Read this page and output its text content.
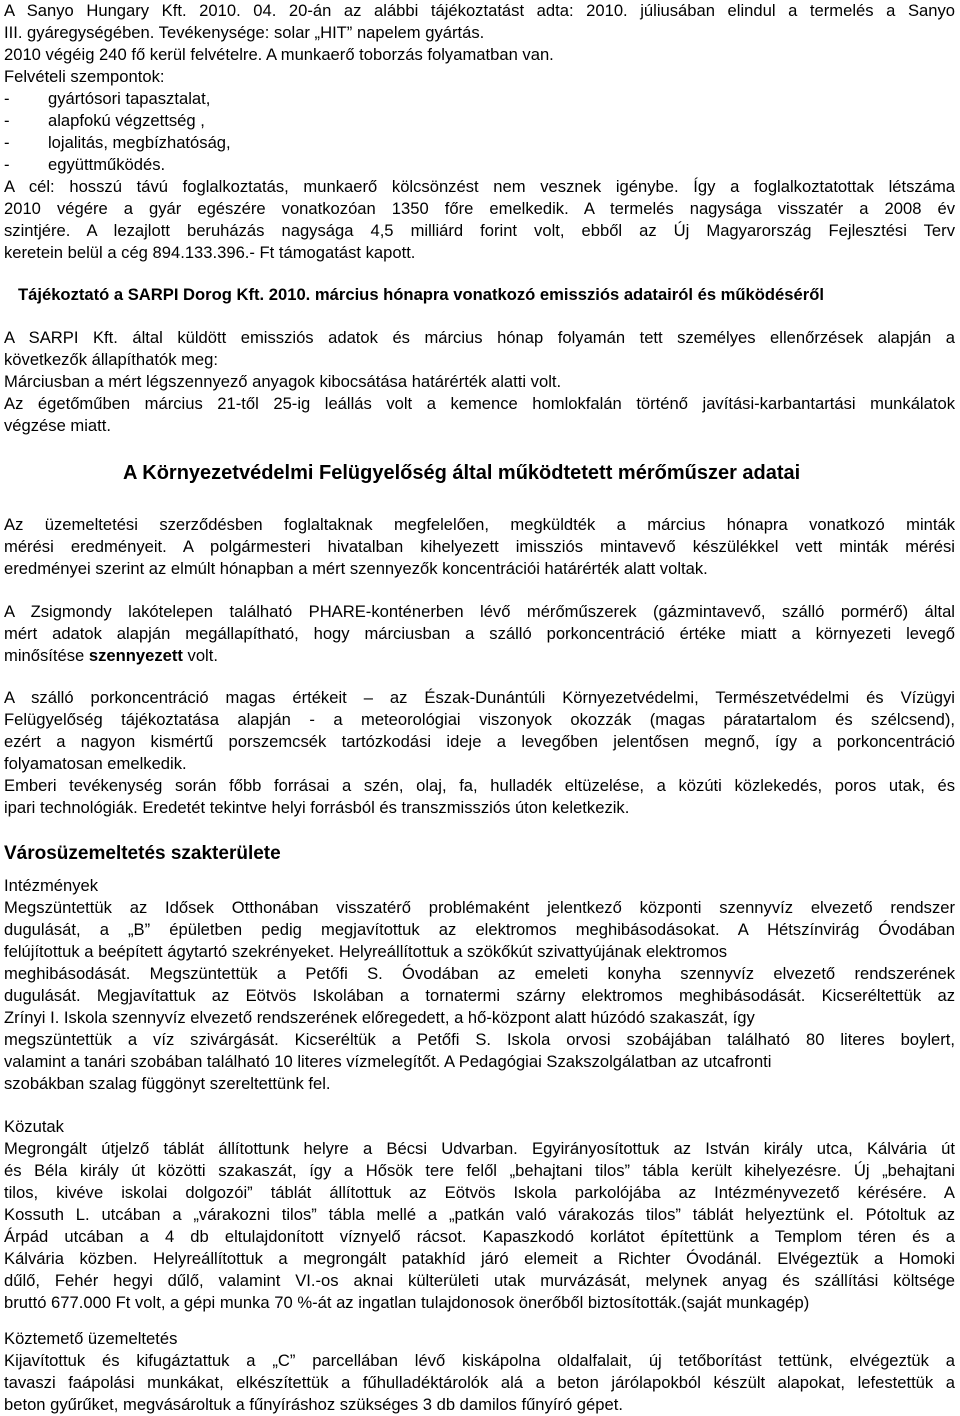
A Sanyo Hungary Kft. 2010. 04. 20-án az alábbi tájékoztatást adta: 2010. júliusában elindul a termelés a Sanyo
III. gyáregységében. Tevékenysége: solar „HIT” napelem gyártás.
2010 végéig 240 fő kerül felvételre. A munkaerő toborzás folyamatban van.
Felvételi szempontok:
- gyártósori tapasztalat,
- alapfokú végzettség ,
- lojalitás, megbízhatóság,
- együttműködés.
A cél: hosszú távú foglalkoztatás, munkaerő kölcsönzést nem vesznek igénybe. Így a foglalkoztatottak létszáma
2010 végére a gyár egészére vonatkozóan 1350 főre emelkedik. A termelés nagysága visszatér a 2008 év
szintjére. A lezajlott beruházás nagysága 4,5 milliárd forint volt, ebből az Új Magyarország Fejlesztési Terv
keretein belül a cég 894.133.396.- Ft támogatást kapott.
Tájékoztató a SARPI Dorog Kft. 2010. március hónapra vonatkozó emissziós adatairól és működéséről
A SARPI Kft. által küldött emissziós adatok és március hónap folyamán tett személyes ellenőrzések alapján a
következők állapíthatók meg:
Márciusban a mért légszennyező anyagok kibocsátása határérték alatti volt.
Az égetőműben március 21-től 25-ig leállás volt a kemence homlokfalán történő javítási-karbantartási munkálatok
végzése miatt.
A Környezetvédelmi Felügyelőség által működtetett mérőműszer adatai
Az üzemeltetési szerződésben foglaltaknak megfelelően, megküldték a március hónapra vonatkozó minták
mérési eredményeit. A polgármesteri hivatalban kihelyezett imissziós mintavevő készülékkel vett minták mérési
eredményei szerint az elmúlt hónapban a mért szennyezők koncentrációi határérték alatt voltak.
A Zsigmondy lakótelepen található PHARE-konténerben lévő mérőműszerek (gázmintavevő, szálló pormérő) által
mért adatok alapján megállapítható, hogy márciusban a szálló porkoncentráció értéke miatt a környezeti levegő
minősítése szennyezett volt.
A szálló porkoncentráció magas értékeit – az Észak-Dunántúli Környezetvédelmi, Természetvédelmi és Vízügyi
Felügyelőség tájékoztatása alapján - a meteorológiai viszonyok okozzák (magas páratartalom és szélcsend),
ezért a nagyon kismértű porszemcsék tartózkodási ideje a levegőben jelentősen megnő, így a porkoncentráció
folyamatosan emelkedik.
Emberi tevékenység során főbb forrásai a szén, olaj, fa, hulladék eltüzelése, a közúti közlekedés, poros utak, és
ipari technológiák. Eredetét tekintve helyi forrásból és transzmissziós úton keletkezik.
Városüzemeltetés szakterülete
Intézmények
Megszüntettük az Idősek Otthonában visszatérő problémaként jelentkező központi szennyvíz elvezető rendszer
dugulását, a „B” épületben pedig megjavítottuk az elektromos meghibásodásokat. A Hétszínvirág Óvodában
felújítottuk a beépített ágytartó szekrényeket. Helyreállítottuk a szökőkút szivattyújának elektromos
meghibásodását. Megszüntettük a Petőfi S. Óvodában az emeleti konyha szennyvíz elvezető rendszerének
dugulását. Megjavítattuk az Eötvös Iskolában a tornatermi szárny elektromos meghibásodását. Kicseréltettük az
Zrínyi I. Iskola szennyvíz elvezető rendszerének előregedett, a hő-központ alatt húzódó szakaszát, így
megszüntettük a víz szivárgását. Kicseréltük a Petőfi S. Iskola orvosi szobájában található 80 literes boylert,
valamint a tanári szobában található 10 literes vízmelegítőt. A Pedagógiai Szakszolgálatban az utcafronti
szobákban szalag függönyt szereltettünk fel.
Közutak
Megrongált útjelző táblát állítottunk helyre a Bécsi Udvarban. Egyirányosítottuk az István király utca, Kálvária út
és Béla király út közötti szakaszát, így a Hősök tere felől „behajtani tilos” tábla került kihelyezésre. Új „behajtani
tilos, kivéve iskolai dolgozói” táblát állítottuk az Eötvös Iskola parkolójába az Intézményvezető kérésére. A
Kossuth L. utcában a „várakozni tilos” tábla mellé a „patkán való várakozás tilos” táblát helyeztünk el. Pótoltuk az
Árpád utcában a 4 db eltulajdonított víznyelő rácsot. Kapaszkodó korlátot építettünk a Templom téren és a
Kálvária közben. Helyreállítottuk a megrongált patakhíd járó elemeit a Richter Óvodánál. Elvégeztük a Homoki
dűlő, Fehér hegyi dűlő, valamint VI.-os aknai külterületi utak murvázását, melynek anyag és szállítási költsége
bruttó 677.000 Ft volt, a gépi munka 70 %-át az ingatlan tulajdonosok önerőből biztosították.(saját munkagép)
Köztemető üzemeltetés
Kijavítottuk és kifugáztattuk a „C” parcellában lévő kiskápolna oldalfalait, új tetőborítást tettünk, elvégeztük a
tavaszi faápolási munkákat, elkészítettük a fűhulladéktárolók alá a beton járólapokból készült alapokat, lefestettük a
beton gyűrűket, megvásároltuk a fűnyíráshoz szükséges 3 db damilos fűnyíró gépet.
